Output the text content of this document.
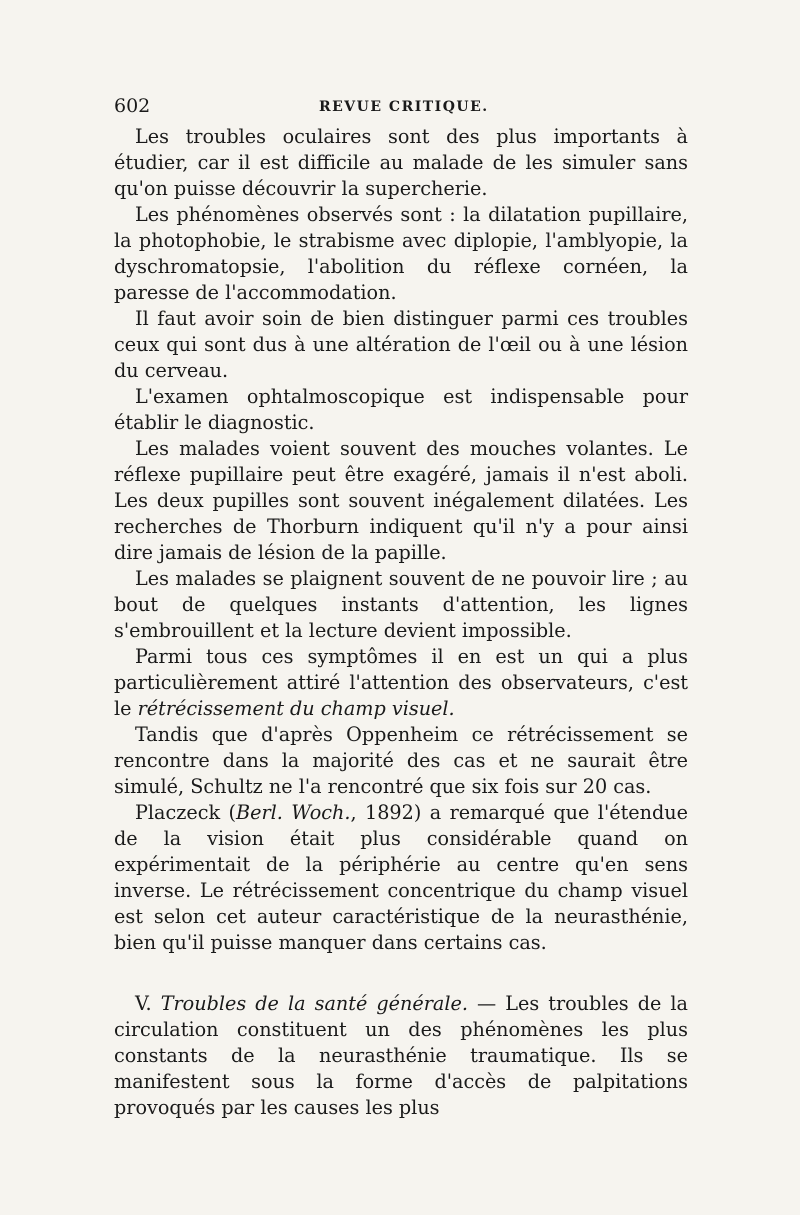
602	REVUE CRITIQUE.

Les troubles oculaires sont des plus importants à étudier, car il est difficile au malade de les simuler sans qu'on puisse découvrir la supercherie.

Les phénomènes observés sont : la dilatation pupillaire, la photophobie, le strabisme avec diplopie, l'amblyopie, la dyschromatopsie, l'abolition du réflexe cornéen, la paresse de l'accommodation.

Il faut avoir soin de bien distinguer parmi ces troubles ceux qui sont dus à une altération de l'œil ou à une lésion du cerveau.

L'examen ophtalmoscopique est indispensable pour établir le diagnostic.

Les malades voient souvent des mouches volantes. Le réflexe pupillaire peut être exagéré, jamais il n'est aboli. Les deux pupilles sont souvent inégalement dilatées. Les recherches de Thorburn indiquent qu'il n'y a pour ainsi dire jamais de lésion de la papille.

Les malades se plaignent souvent de ne pouvoir lire ; au bout de quelques instants d'attention, les lignes s'embrouillent et la lecture devient impossible.

Parmi tous ces symptômes il en est un qui a plus particulièrement attiré l'attention des observateurs, c'est le rétrécissement du champ visuel.

Tandis que d'après Oppenheim ce rétrécissement se rencontre dans la majorité des cas et ne saurait être simulé, Schultz ne l'a rencontré que six fois sur 20 cas.

Placzeck (Berl. Woch., 1892) a remarqué que l'étendue de la vision était plus considérable quand on expérimentait de la périphérie au centre qu'en sens inverse. Le rétrécissement concentrique du champ visuel est selon cet auteur caractéristique de la neurasthénie, bien qu'il puisse manquer dans certains cas.

V. Troubles de la santé générale. — Les troubles de la circulation constituent un des phénomènes les plus constants de la neurasthénie traumatique. Ils se manifestent sous la forme d'accès de palpitations provoqués par les causes les plus
